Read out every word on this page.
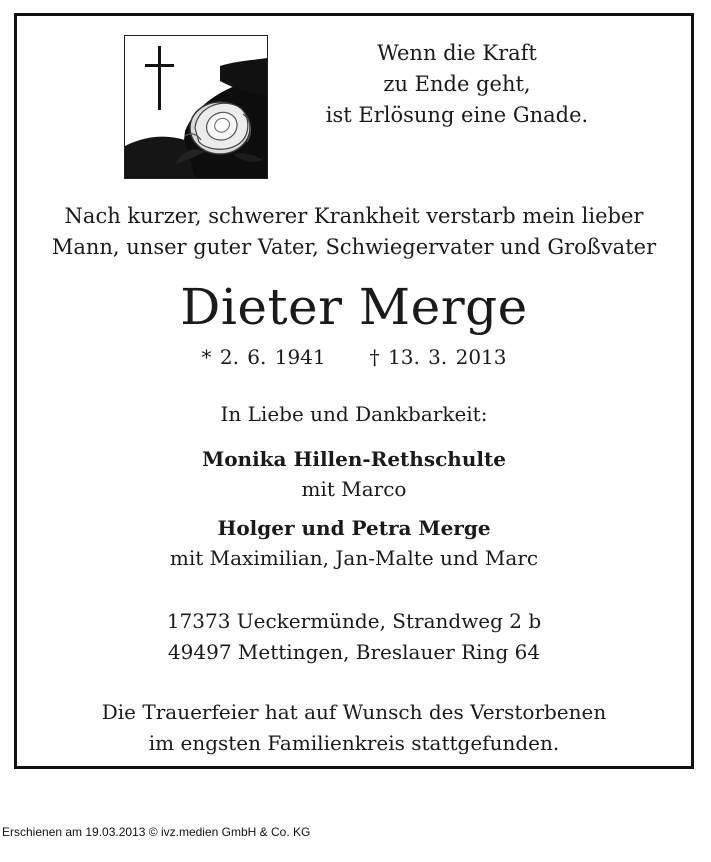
Wenn die Kraft
zu Ende geht,
ist Erlösung eine Gnade.
Nach kurzer, schwerer Krankheit verstarb mein lieber
Mann, unser guter Vater, Schwiegervater und Großvater
Dieter Merge
* 2. 6. 1941 † 13. 3. 2013
In Liebe und Dankbarkeit:
Monika Hillen-Rethschulte
mit Marco
Holger und Petra Merge
mit Maximilian, Jan-Malte und Marc
17373 Ueckermünde, Strandweg 2 b
49497 Mettingen, Breslauer Ring 64
Die Trauerfeier hat auf Wunsch des Verstorbenen
im engsten Familienkreis stattgefunden.
Erschienen am 19.03.2013 © ivz.medien GmbH & Co. KG
